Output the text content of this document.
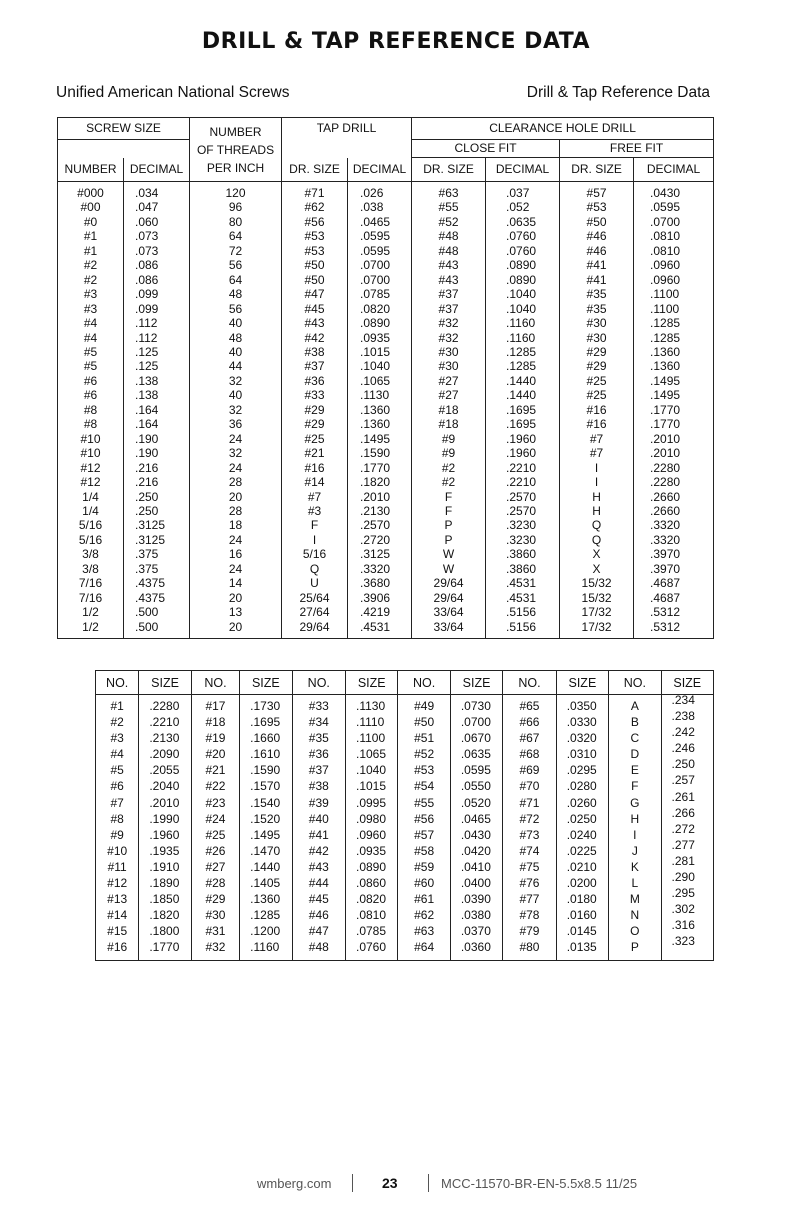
DRILL & TAP REFERENCE DATA
Unified American National Screws	Drill & Tap Reference Data
SCREW SIZE		NUMBER
OF THREADS
PER INCH	TAP DRILL		CLEARANCE HOLE DRILL			
					CLOSE FIT		FREE FIT	
NUMBER	DECIMAL		DR. SIZE	DECIMAL	DR. SIZE	DECIMAL	DR. SIZE	DECIMAL
#000	.034	120	#71	.026	#63	.037	#57	.0430
#00	.047	96	#62	.038	#55	.052	#53	.0595
#0	.060	80	#56	.0465	#52	.0635	#50	.0700
#1	.073	64	#53	.0595	#48	.0760	#46	.0810
#1	.073	72	#53	.0595	#48	.0760	#46	.0810
#2	.086	56	#50	.0700	#43	.0890	#41	.0960
#2	.086	64	#50	.0700	#43	.0890	#41	.0960
#3	.099	48	#47	.0785	#37	.1040	#35	.1100
#3	.099	56	#45	.0820	#37	.1040	#35	.1100
#4	.112	40	#43	.0890	#32	.1160	#30	.1285
#4	.112	48	#42	.0935	#32	.1160	#30	.1285
#5	.125	40	#38	.1015	#30	.1285	#29	.1360
#5	.125	44	#37	.1040	#30	.1285	#29	.1360
#6	.138	32	#36	.1065	#27	.1440	#25	.1495
#6	.138	40	#33	.1130	#27	.1440	#25	.1495
#8	.164	32	#29	.1360	#18	.1695	#16	.1770
#8	.164	36	#29	.1360	#18	.1695	#16	.1770
#10	.190	24	#25	.1495	#9	.1960	#7	.2010
#10	.190	32	#21	.1590	#9	.1960	#7	.2010
#12	.216	24	#16	.1770	#2	.2210	I	.2280
#12	.216	28	#14	.1820	#2	.2210	I	.2280
1/4	.250	20	#7	.2010	F	.2570	H	.2660
1/4	.250	28	#3	.2130	F	.2570	H	.2660
5/16	.3125	18	F	.2570	P	.3230	Q	.3320
5/16	.3125	24	I	.2720	P	.3230	Q	.3320
3/8	.375	16	5/16	.3125	W	.3860	X	.3970
3/8	.375	24	Q	.3320	W	.3860	X	.3970
7/16	.4375	14	U	.3680	29/64	.4531	15/32	.4687
7/16	.4375	20	25/64	.3906	29/64	.4531	15/32	.4687
1/2	.500	13	27/64	.4219	33/64	.5156	17/32	.5312
1/2	.500	20	29/64	.4531	33/64	.5156	17/32	.5312
NO.	SIZE	NO.	SIZE	NO.	SIZE	NO.	SIZE	NO.	SIZE	NO.	SIZE
#1	.2280	#17	.1730	#33	.1130	#49	.0730	#65	.0350	A	.234
#2	.2210	#18	.1695	#34	.1110	#50	.0700	#66	.0330	B	.238
#3	.2130	#19	.1660	#35	.1100	#51	.0670	#67	.0320	C	.242
#4	.2090	#20	.1610	#36	.1065	#52	.0635	#68	.0310	D	.246
#5	.2055	#21	.1590	#37	.1040	#53	.0595	#69	.0295	E	.250
#6	.2040	#22	.1570	#38	.1015	#54	.0550	#70	.0280	F	.257
#7	.2010	#23	.1540	#39	.0995	#55	.0520	#71	.0260	G	.261
#8	.1990	#24	.1520	#40	.0980	#56	.0465	#72	.0250	H	.266
#9	.1960	#25	.1495	#41	.0960	#57	.0430	#73	.0240	I	.272
#10	.1935	#26	.1470	#42	.0935	#58	.0420	#74	.0225	J	.277
#11	.1910	#27	.1440	#43	.0890	#59	.0410	#75	.0210	K	.281
#12	.1890	#28	.1405	#44	.0860	#60	.0400	#76	.0200	L	.290
#13	.1850	#29	.1360	#45	.0820	#61	.0390	#77	.0180	M	.295
#14	.1820	#30	.1285	#46	.0810	#62	.0380	#78	.0160	N	.302
#15	.1800	#31	.1200	#47	.0785	#63	.0370	#79	.0145	O	.316
#16	.1770	#32	.1160	#48	.0760	#64	.0360	#80	.0135	P	.323
wmberg.com	23	MCC-11570-BR-EN-5.5x8.5 11/25
